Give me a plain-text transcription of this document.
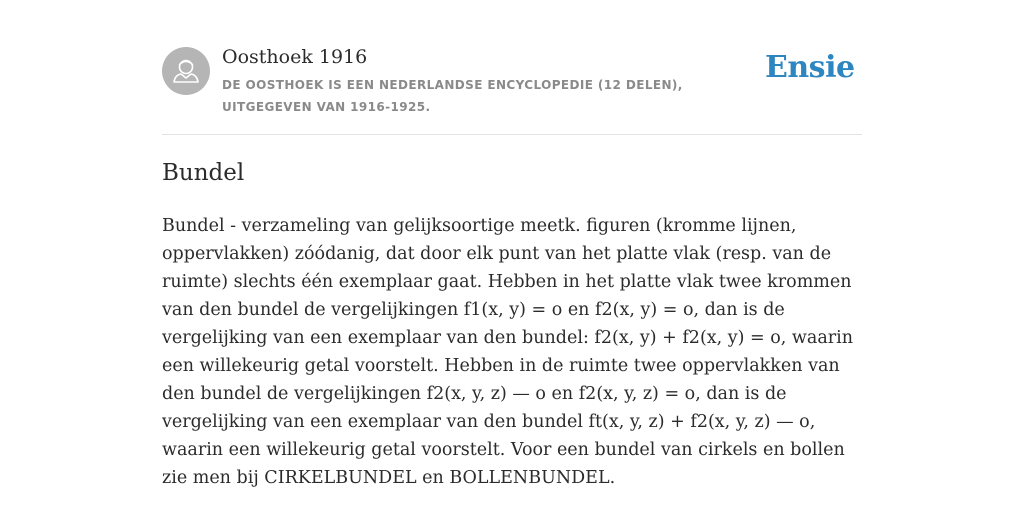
Oosthoek 1916
DE OOSTHOEK IS EEN NEDERLANDSE ENCYCLOPEDIE (12 DELEN), UITGEGEVEN VAN 1916-1925.
Ensie
Bundel

Bundel - verzameling van gelijksoortige meetk. figuren (kromme lijnen, oppervlakken) zóódanig, dat door elk punt van het platte vlak (resp. van de ruimte) slechts één exemplaar gaat. Hebben in het platte vlak twee krommen van den bundel de vergelijkingen f1(x, y) = o en f2(x, y) = o, dan is de vergelijking van een exemplaar van den bundel: f2(x, y) + f2(x, y) = o, waarin een willekeurig getal voorstelt. Hebben in de ruimte twee oppervlakken van den bundel de vergelijkingen f2(x, y, z) — o en f2(x, y, z) = o, dan is de vergelijking van een exemplaar van den bundel ft(x, y, z) + f2(x, y, z) — o, waarin een willekeurig getal voorstelt. Voor een bundel van cirkels en bollen zie men bij CIRKELBUNDEL en BOLLENBUNDEL.
